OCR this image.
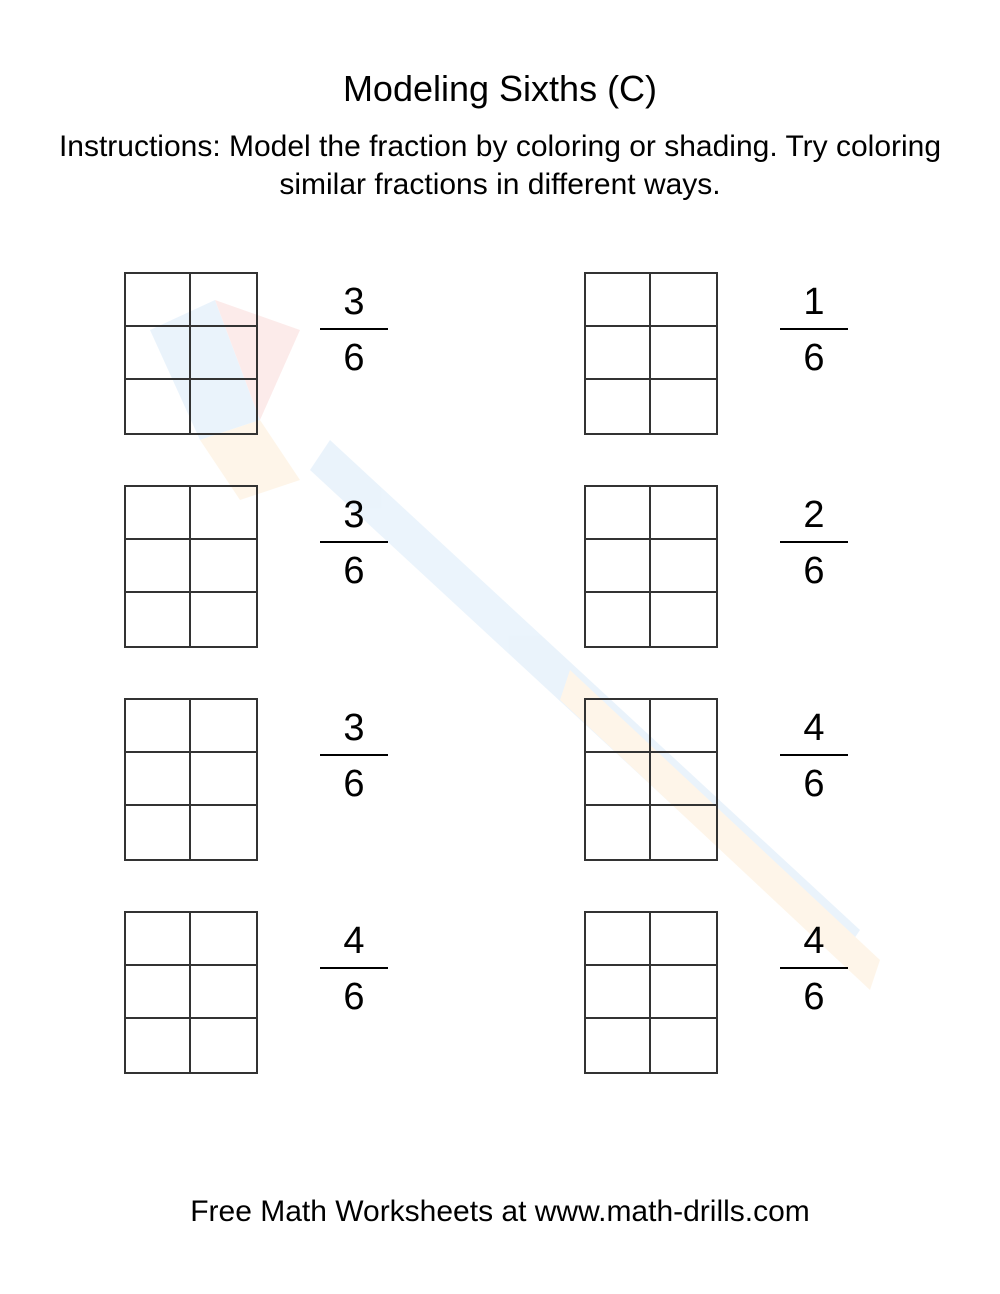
Modeling Sixths (C)
Instructions: Model the fraction by coloring or shading. Try coloring similar fractions in different ways.
3
6
1
6
3
6
2
6
3
6
4
6
4
6
4
6
Free Math Worksheets at www.math-drills.com
